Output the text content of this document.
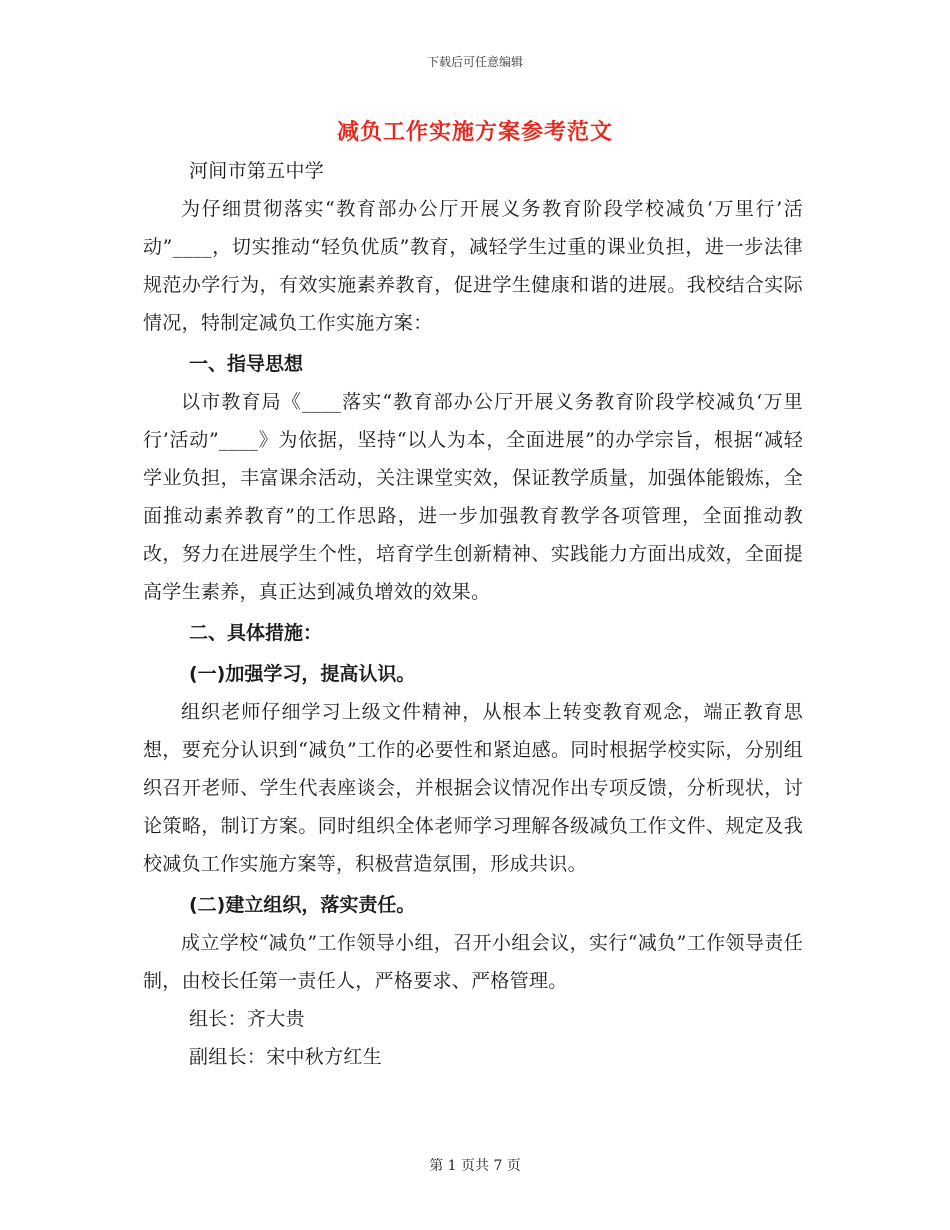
下载后可任意编辑
减负工作实施方案参考范文
河间市第五中学

为仔细贯彻落实“教育部办公厅开展义务教育阶段学校减负‘万里行’活动”____，切实推动“轻负优质”教育，减轻学生过重的课业负担，进一步法律规范办学行为，有效实施素养教育，促进学生健康和谐的进展。我校结合实际情况，特制定减负工作实施方案：

一、指导思想

以市教育局《____落实“教育部办公厅开展义务教育阶段学校减负‘万里行’活动”____》为依据，坚持“以人为本，全面进展”的办学宗旨，根据“减轻学业负担，丰富课余活动，关注课堂实效，保证教学质量，加强体能锻炼，全面推动素养教育”的工作思路，进一步加强教育教学各项管理，全面推动教改，努力在进展学生个性，培育学生创新精神、实践能力方面出成效，全面提高学生素养，真正达到减负增效的效果。

二、具体措施：
(一)加强学习，提高认识。

组织老师仔细学习上级文件精神，从根本上转变教育观念，端正教育思想，要充分认识到“减负”工作的必要性和紧迫感。同时根据学校实际，分别组织召开老师、学生代表座谈会，并根据会议情况作出专项反馈，分析现状，讨论策略，制订方案。同时组织全体老师学习理解各级减负工作文件、规定及我校减负工作实施方案等，积极营造氛围，形成共识。

(二)建立组织，落实责任。

成立学校“减负”工作领导小组，召开小组会议，实行“减负”工作领导责任制，由校长任第一责任人，严格要求、严格管理。

组长：齐大贵
副组长：宋中秋方红生
第 1 页共 7 页
